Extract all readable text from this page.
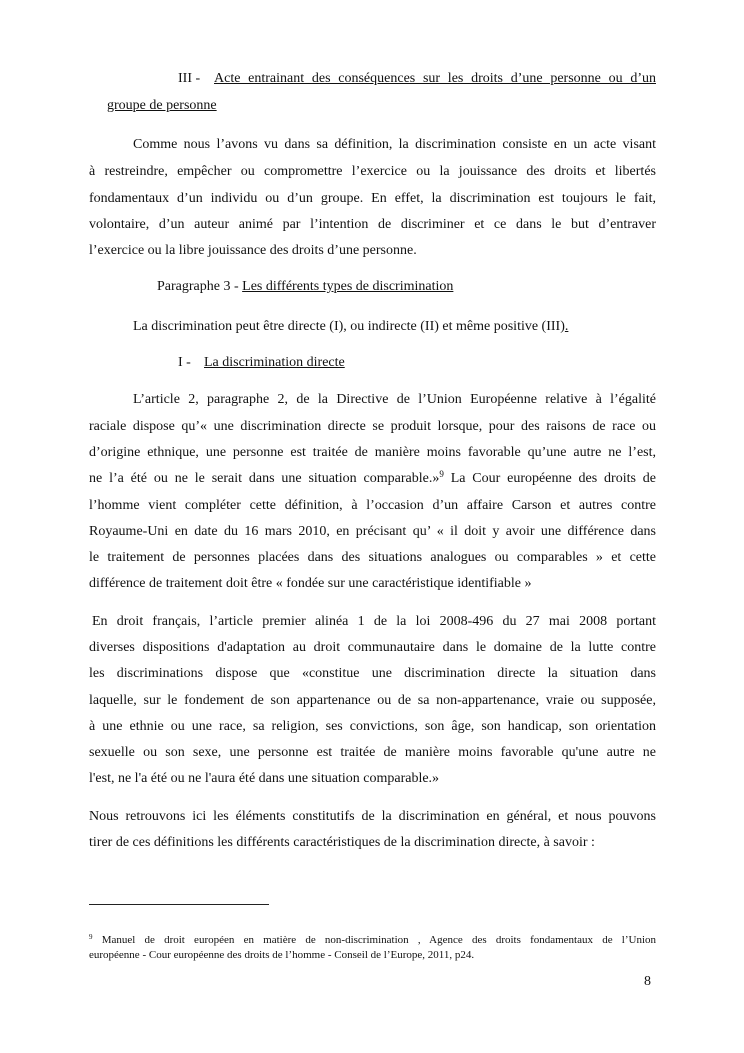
III - Acte entrainant des conséquences sur les droits d’une personne ou d’un
groupe de personne
Comme nous l’avons vu dans sa définition, la discrimination consiste en un acte visant
à restreindre, empêcher ou compromettre l’exercice ou la jouissance des droits et libertés
fondamentaux d’un individu ou d’un groupe. En effet, la discrimination est toujours le fait,
volontaire, d’un auteur animé par l’intention de discriminer et ce dans le but d’entraver
l’exercice ou la libre jouissance des droits d’une personne.
Paragraphe 3 - Les différents types de discrimination
La discrimination peut être directe (I), ou indirecte (II) et même positive (III).
I - La discrimination directe
L’article 2, paragraphe 2, de la Directive de l’Union Européenne relative à l’égalité
raciale dispose qu’« une discrimination directe se produit lorsque, pour des raisons de race ou
d’origine ethnique, une personne est traitée de manière moins favorable qu’une autre ne l’est,
ne l’a été ou ne le serait dans une situation comparable.»$^9$ La Cour européenne des droits de
l’homme vient compléter cette définition, à l’occasion d’un affaire Carson et autres contre
Royaume-Uni en date du 16 mars 2010, en précisant qu’ « il doit y avoir une différence dans
le traitement de personnes placées dans des situations analogues ou comparables » et cette
différence de traitement doit être « fondée sur une caractéristique identifiable »
En droit français, l’article premier alinéa 1 de la loi 2008-496 du 27 mai 2008 portant
diverses dispositions d'adaptation au droit communautaire dans le domaine de la lutte contre
les discriminations dispose que «constitue une discrimination directe la situation dans
laquelle, sur le fondement de son appartenance ou de sa non-appartenance, vraie ou supposée,
à une ethnie ou une race, sa religion, ses convictions, son âge, son handicap, son orientation
sexuelle ou son sexe, une personne est traitée de manière moins favorable qu'une autre ne
l'est, ne l'a été ou ne l'aura été dans une situation comparable.»
Nous retrouvons ici les éléments constitutifs de la discrimination en général, et nous pouvons
tirer de ces définitions les différents caractéristiques de la discrimination directe, à savoir :
$^9$ Manuel de droit européen en matière de non-discrimination , Agence des droits fondamentaux de l’Union
européenne - Cour européenne des droits de l’homme - Conseil de l’Europe, 2011, p24.
8
